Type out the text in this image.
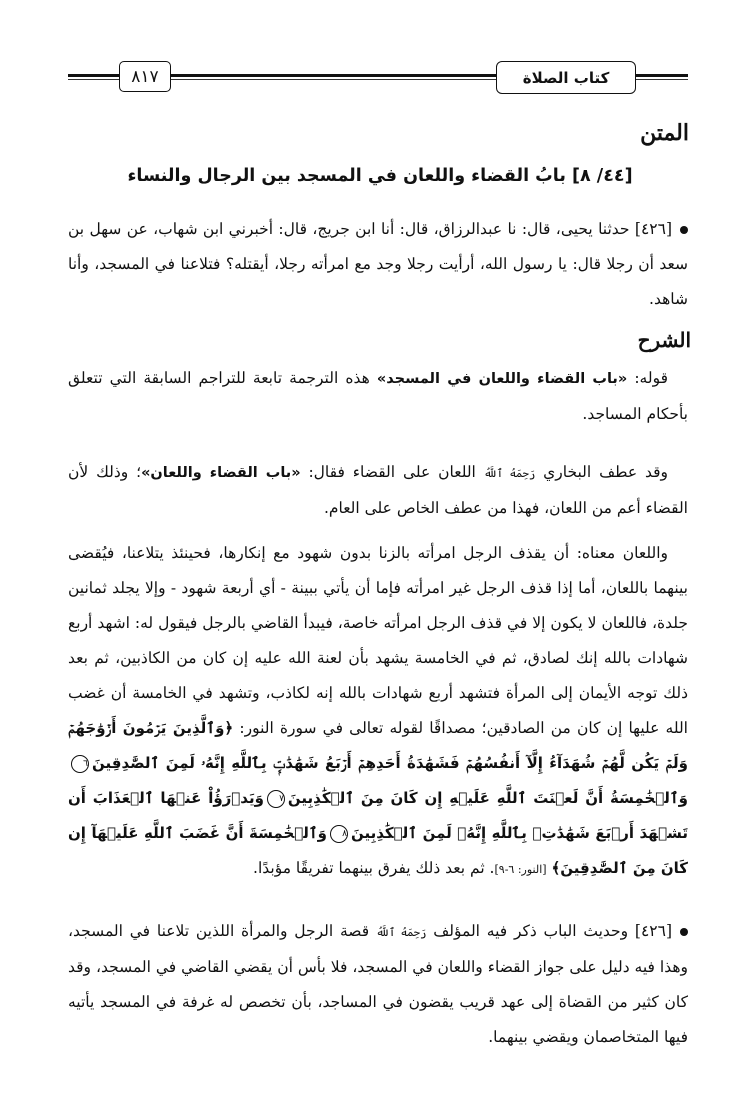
٨١٧	كتاب الصلاة
المتن
[٤٤/ ٨] بابُ القضاء واللعان في المسجد بين الرجال والنساء

[٤٢٦] حدثنا يحيى، قال: نا عبدالرزاق، قال: أنا ابن جريج، قال: أخبرني ابن شهاب، عن سهل بن سعد أن رجلا قال: يا رسول الله، أرأيت رجلا وجد مع امرأته رجلا، أيقتله؟ فتلاعنا في المسجد، وأنا شاهد.

الشرح

قوله: «باب القضاء واللعان في المسجد» هذه الترجمة تابعة للتراجم السابقة التي تتعلق بأحكام المساجد.

وقد عطف البخاري رَحِمَهُ ٱللَّهُ اللعان على القضاء فقال: «باب القضاء واللعان»؛ وذلك لأن القضاء أعم من اللعان، فهذا من عطف الخاص على العام.

واللعان معناه: أن يقذف الرجل امرأته بالزنا بدون شهود مع إنكارها، فحينئذ يتلاعنا، فيُقضى بينهما باللعان، أما إذا قذف الرجل غير امرأته فإما أن يأتي ببينة - أي أربعة شهود - وإلا يجلد ثمانين جلدة، فاللعان لا يكون إلا في قذف الرجل امرأته خاصة، فيبدأ القاضي بالرجل فيقول له: اشهد أربع شهادات بالله إنك لصادق، ثم في الخامسة يشهد بأن لعنة الله عليه إن كان من الكاذبين، ثم بعد ذلك توجه الأيمان إلى المرأة فتشهد أربع شهادات بالله إنه لكاذب، وتشهد في الخامسة أن غضب الله عليها إن كان من الصادقين؛ مصداقًا لقوله تعالى في سورة النور: ﴿وَٱلَّذِينَ يَرۡمُونَ أَزۡوَٰجَهُمۡ وَلَمۡ يَكُن لَّهُمۡ شُهَدَآءُ إِلَّآ أَنفُسُهُمۡ فَشَهَٰدَةُ أَحَدِهِمۡ أَرۡبَعُ شَهَٰدَٰتِۭ بِٱللَّهِ إِنَّهُۥ لَمِنَ ٱلصَّٰدِقِينَ٦وَٱلۡخَٰمِسَةُ أَنَّ لَعۡنَتَ ٱللَّهِ عَلَيۡهِ إِن كَانَ مِنَ ٱلۡكَٰذِبِينَ٧وَيَدۡرَؤُاْ عَنۡهَا ٱلۡعَذَابَ أَن تَشۡهَدَ أَرۡبَعَ شَهَٰدَٰتِۭ بِٱللَّهِ إِنَّهُۥ لَمِنَ ٱلۡكَٰذِبِينَ٨وَٱلۡخَٰمِسَةَ أَنَّ غَضَبَ ٱللَّهِ عَلَيۡهَآ إِن كَانَ مِنَ ٱلصَّٰدِقِينَ﴾ [النور: ٦-٩]. ثم بعد ذلك يفرق بينهما تفريقًا مؤبدًا.

[٤٢٦] وحديث الباب ذكر فيه المؤلف رَحِمَهُ ٱللَّهُ قصة الرجل والمرأة اللذين تلاعنا في المسجد، وهذا فيه دليل على جواز القضاء واللعان في المسجد، فلا بأس أن يقضي القاضي في المسجد، وقد كان كثير من القضاة إلى عهد قريب يقضون في المساجد، بأن تخصص له غرفة في المسجد يأتيه فيها المتخاصمان ويقضي بينهما.
